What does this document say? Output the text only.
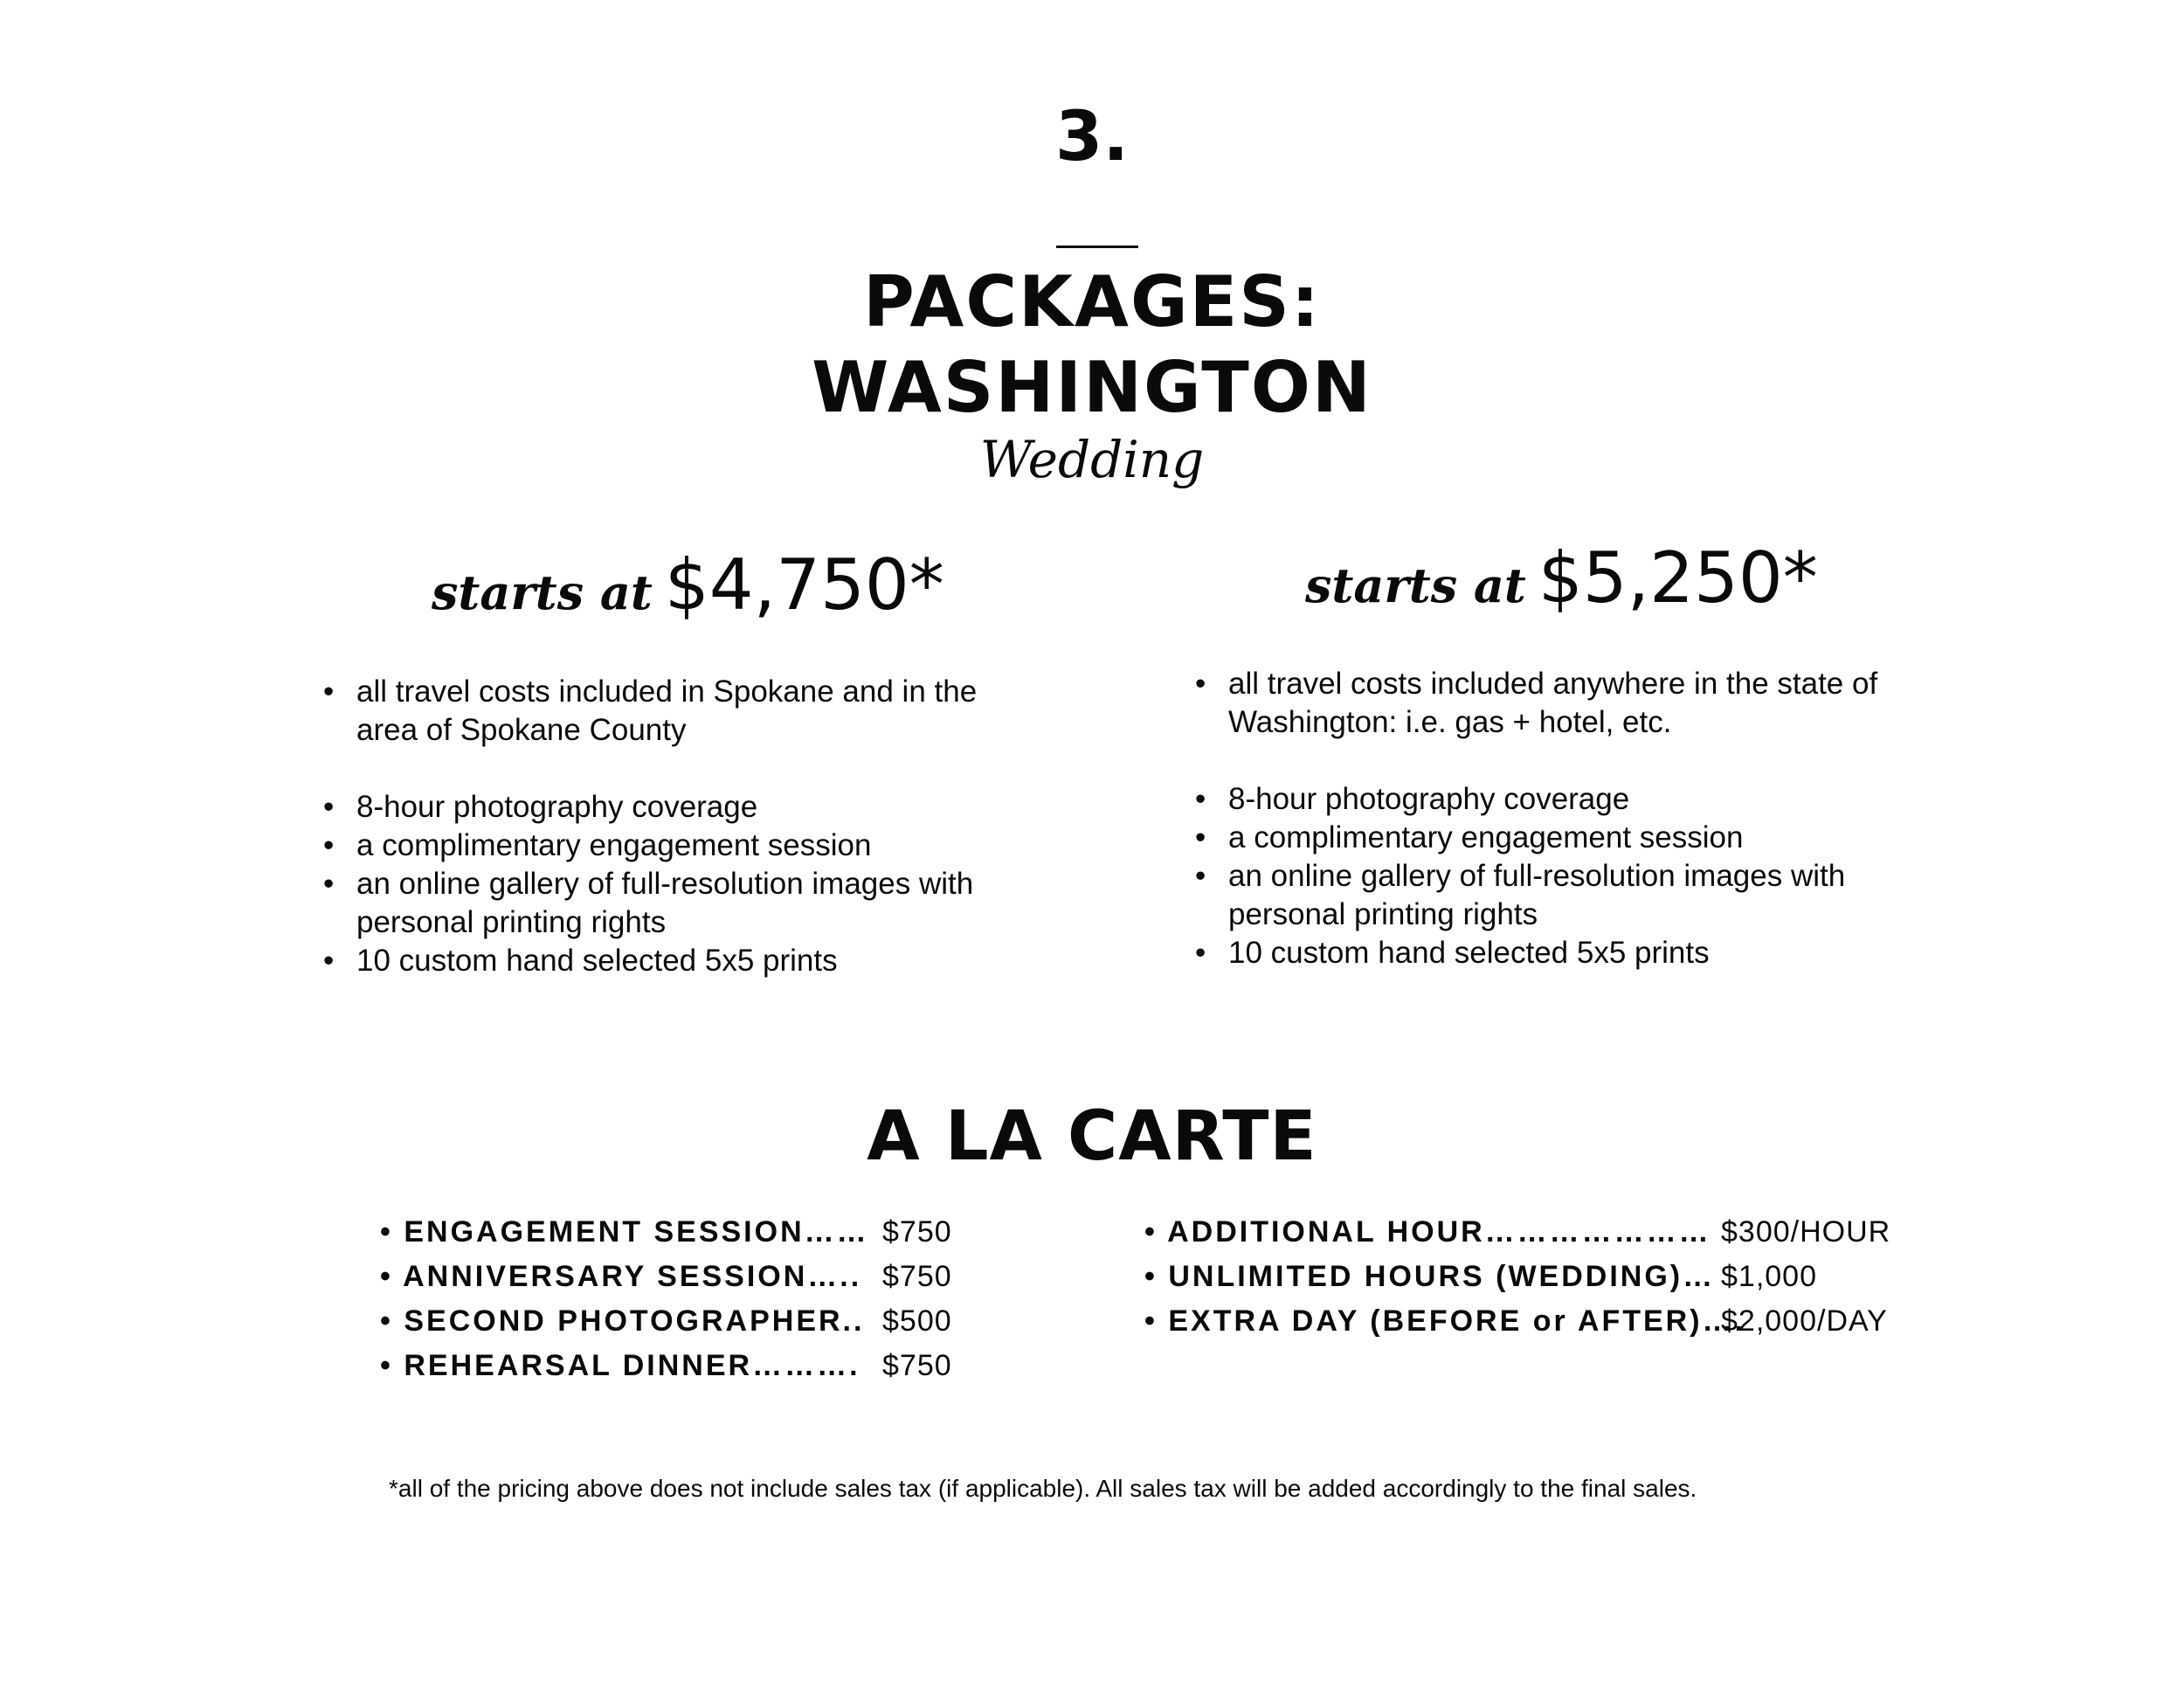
3.
PACKAGES:
WASHINGTON
Wedding
starts at $4,750*	starts at $5,250*
• all travel costs included in Spokane and in the area of Spokane County
• 8-hour photography coverage
• a complimentary engagement session
• an online gallery of full-resolution images with personal printing rights
• 10 custom hand selected 5x5 prints
• all travel costs included anywhere in the state of Washington: i.e. gas + hotel, etc.
• 8-hour photography coverage
• a complimentary engagement session
• an online gallery of full-resolution images with personal printing rights
• 10 custom hand selected 5x5 prints
A LA CARTE
• ENGAGEMENT SESSION…… $750
• ANNIVERSARY SESSION….. $750
• SECOND PHOTOGRAPHER.. $500
• REHEARSAL DINNER………. $750
• ADDITIONAL HOUR………………… $300/HOUR
• UNLIMITED HOURS (WEDDING)… $1,000
• EXTRA DAY (BEFORE or AFTER)….
$2,000/DAY
*all of the pricing above does not include sales tax (if applicable). All sales tax will be added accordingly to the final sales.
